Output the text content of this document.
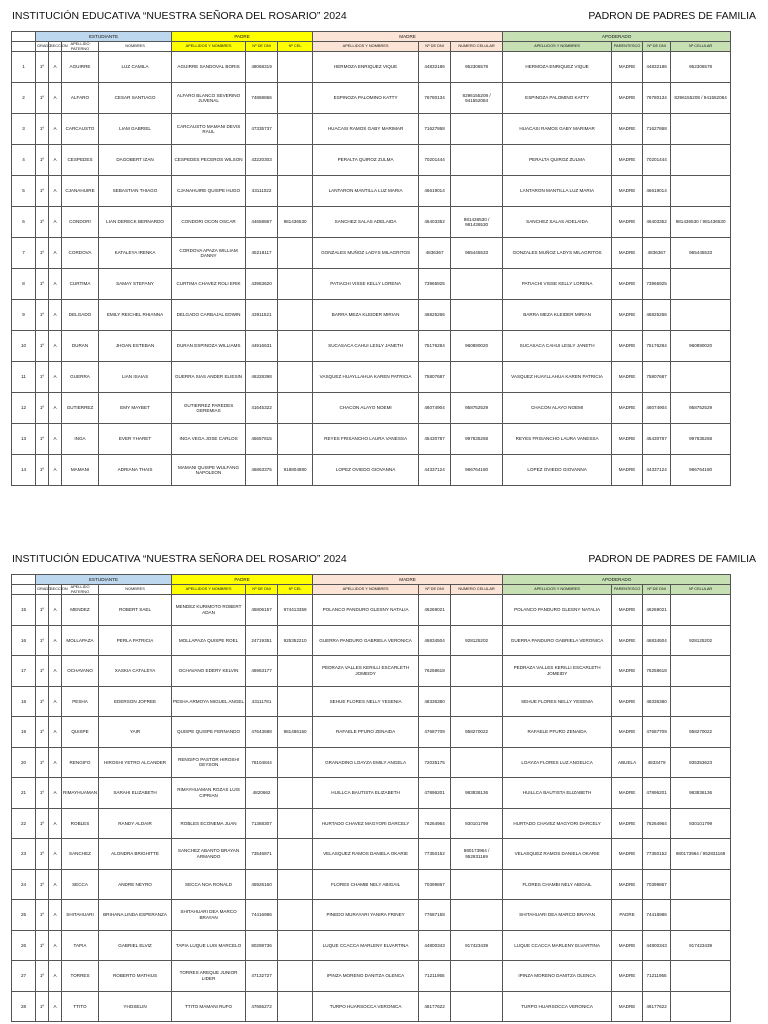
INSTITUCIÓN EDUCATIVA “NUESTRA SEÑORA DEL ROSARIO” 2024	PADRON DE PADRES DE FAMILIA
	ESTUDIANTE				PADRE			MADRE			APODERADO			
	GRADO	SECCION	APELLIDO PATERNO	NOMBRES	APELLIDOS Y NOMBRES	Nº DE DNI	Nº CEL	APELLIDOS Y NOMBRES	Nº DE DNI	NUMERO CELULAR	APELLIDOS Y NOMBRES	PARENTESCO	Nº DE DNI	Nº CELULAR
1	1º	A	AGUIRRE	LUZ CAMILA	AGUIRRE SANDOVAL BORIS	48068319		HERMOZA ENRIQUEZ VIQUE	44832186	952306578	HERMOZA ENRIQUEZ VIQUE	MADRE	44832186	952306578
2	1º	A	ALFARO	CESAR SANTIAGO	ALFARO BLANCO SEVERINO JUVENAL	74868866		ESPINOZA PALOMINO KATTY	76780134	829615520​8 / 941552084	ESPINOZA PALOMINO KATTY	MADRE	76780134	8296155208 / 941552084
3	1º	A	CARCAUSTO	LIAM GABRIEL	CARCAUSTO MAMANI DEVIS RAUL	47335737		HUACASI RAMOS GABY MARIMAR	71627868		HUACASI RAMOS GABY MARIMAR	MADRE	71627868	
4	1º	A	CESPEDES	DAGOBERT IZAN	CESPEDES PECEROS WILSON	43220303		PERALTA QUIROZ ZULMA	70201444		PERALTA QUIROZ ZULMA	MADRE	70201444	
5	1º	A	CJANAHUIRE	SEBASTIAN THIAGO	CJANAHUIRE QUISPE HUGO	43111022		LANTARON MANTILLA LUZ MARIA	46619014		LANTARON MANTILLA LUZ MARIA	MADRE	46619014	
6	1º	A	CONDORI	LIAN DERECK BERNARDO	CONDORI OCON OSCAR	44658867	981436530	SANCHEZ SALAS ADELAIDA	46403352	981436530 / 981436530	SANCHEZ SALAS ADELAIDA	MADRE	46403352	981436530 / 981436530
7	1º	A	CORDOVA	KATALEYA IRENKA	CORDOVA APAZA WILLIAM DANNY	45218117		GONZALES MUÑOZ LADYS MILAGRITOS	4836367	965445533	GONZALES MUÑOZ LADYS MILAGRITOS	MADRE	4836367	965445533
8	1º	A	CURTIMA	SAMAY STEFANY	CURTIMA CHAVEZ ROLI ERIK	43963620		PATIACHI VISSE KELLY LORENA	73965925		PATIACHI VISSE KELLY LORENA	MADRE	73965925	
9	1º	A	DELGADO	EMILY REICHEL RHIANNA	DELGADO CARBAJAL EDWIN	43911521		BARRA MEZA KLEIDER MIRIAN	46825266		BARRA MEZA KLEIDER MIRIAN	MADRE	46825266	
10	1º	A	DURAN	JHOAN ESTEBAN	DURAN ESPINOZA WILLIAMS	44916631		SUCASACA CAHUI LESLY JANETH	75176284	960890020	SUCASACA CAHUI LESLY JANETH	MADRE	75176284	960890020
11	1º	A	GUERRA	LIAN ISAIAS	GUERRA SIAS ANDER ELIESIN	46328398		VASQUEZ HUAYLLAHUA KAREN PATRICIA	75807687		VASQUEZ HUAYLLAHUA KAREN PATRICIA	MADRE	75807687	
12	1º	A	GUTIERREZ	EMY MAYBET	GUTIERREZ PAREDES GEREMIAS	41645322		CHACON ALAYO NOEMI	46074904	958752529	CHACON ALAYO NOEMI	MADRE	46074904	958752529
13	1º	A	INGA	EVER YHARET	INGA VEGA JOSE CARLOS	45657815		REYES FRISANCHO LAURA VANESSA	45430787	997635268	REYES FRISANCHO LAURA VANESSA	MADRE	45430787	997635268
14	1º	A	MAMANI	ADRIANA THAIS	MAMANI QUISPE WULFANG NAPOLEON	46863375	918804880	LOPEZ OVIEDO GIOVANNA	44337124	966764180	LOPEZ OVIEDO GIOVANNA	MADRE	44337124	966764180
INSTITUCIÓN EDUCATIVA “NUESTRA SEÑORA DEL ROSARIO” 2024	PADRON DE PADRES DE FAMILIA
	ESTUDIANTE				PADRE			MADRE			APODERADO			
	GRADO	SECCION	APELLIDO PATERNO	NOMBRES	APELLIDOS Y NOMBRES	Nº DE DNI	Nº CEL	APELLIDOS Y NOMBRES	Nº DE DNI	NUMERO CELULAR	APELLIDOS Y NOMBRES	PARENTESCO	Nº DE DNI	Nº CELULAR
15	1º	A	MENDEZ	ROBERT SAEL	MENDEZ KURIMOTO ROBERT ADAN	45806157	974413359	POLANCO PANDURO GLESNY NATALIA	46269021		POLANCO PANDURO GLESNY NATALIA	MADRE	46269021	
16	1º	A	MOLLAPAZA	PERLA PATRICIA	MOLLAPAZA QUISPE ROEL	24719351	925352210	GUERRA PANDURO GABRIELA VERONICA	46834504	928125202	GUERRA PANDURO GABRIELA VERONICA	MADRE	46834504	928125202
17	1º	A	OCHAVANO	XASKIA CATALEYA	OCHAVANO EDERY KELVIN	46963177		PEDRAZA VALLES KERILLI ESCARLETH JOMEIDY	76258618		PEDRAZA VALLES KERILLI ESCARLETH JOMEIDY	MADRE	76258618	
18	1º	A	PESHA	EDERSON JOFREE	PESHA ARMOYA MIGUEL ANGEL	43111781		SEHUE FLORES NELLY YESENIA	48336380		SEHUE FLORES NELLY YESENIA	MADRE	48336380	
19	1º	A	QUISPE	YAIR	QUISPE QUISPE FERNANDO	47643688	981486150	RAFAELE PFURO ZENAIDA	47687709	958270022	RAFAELE PFURO ZENAIDA	MADRE	47687709	958270022
20	1º	A	RENGIFO	HIROSHI YETRO ALCANDER	RENGIFO PASTOR HIROSHI GEYSON	78104844		GRANADINO LOAYZA EMILY ANGELA	72035175		LOAYZA FLORES LUZ ANGELICA	ABUELA	4833479	935353623
21	1º	A	RIMAYHUAMAN	SARAHI ELIZABETH	RIMAYHUAMAN ROZAS LUIS CIPRIAN	4820662		HUILLCA BAUTISTA ELIZABETH	47896201	983836136	HUILLCA BAUTISTA ELIZABETH	MADRE	47896201	983836136
22	1º	A	ROBLES	RANDY ALDAIR	ROBLES ECONEMA JUAN	71368307		HURTADO CHAVEZ MAGYORI DARCELY	76264964	930101799	HURTADO CHAVEZ MAGYORI DARCELY	MADRE	76264964	930101799
23	1º	A	SANCHEZ	ALONDRA BRIGHITTE	SANCHEZ ABANTO BRAYAN ARMANDO	73546871		VELASQUEZ RAMOS DANIELA OKARIE	77350152	980173964 / 952831169	VELASQUEZ RAMOS DANIELA OKARIE	MADRE	77350152	980173964 / 952831169
24	1º	A	SECCA	ANDRE NEYRO	SECCA NOA RONALD	45926160		FLORES CHAMBI NELY ABIGAIL	70399867		FLORES CHAMBI NELY ABIGAIL	MADRE	70399867	
25	1º	A	SHITAHUARI	BRIHANA LINDA ESPERANZA	SHITAHUARI DEA MARCO BRAYAN	74416986		PINEDO MURAYARI YANIRA FRINEY	77687158		SHITAHUARI DEA MARCO BRAYAN	PADRE	74416986	
26	1º	A	TAPIA	GABRIEL ELVIZ	TAPIA LUQUE LUIS MARCELO	80298736		LUQUE CCACCA MARLENY ELVARTINA	44800343	917423439	LUQUE CCACCA MARLENY ELVARTINA	MADRE	44800343	917423439
27	1º	A	TORRES	ROBERTO MATHIUS	TORRES AREQUE JUNIOR LIDER	47132727		IPINZA MORENO DANITZA OLENCA	71211955		IPINZA MORENO DANITZA OLENCA	MADRE	71211955	
28	1º	A	TTITO	YHOSELIN	TTITO MAMANI RUFO	47665272		TURPO HUARSOCCA VERONICA	48177622		TURPO HUARSOCCA VERONICA	MADRE	48177622	
